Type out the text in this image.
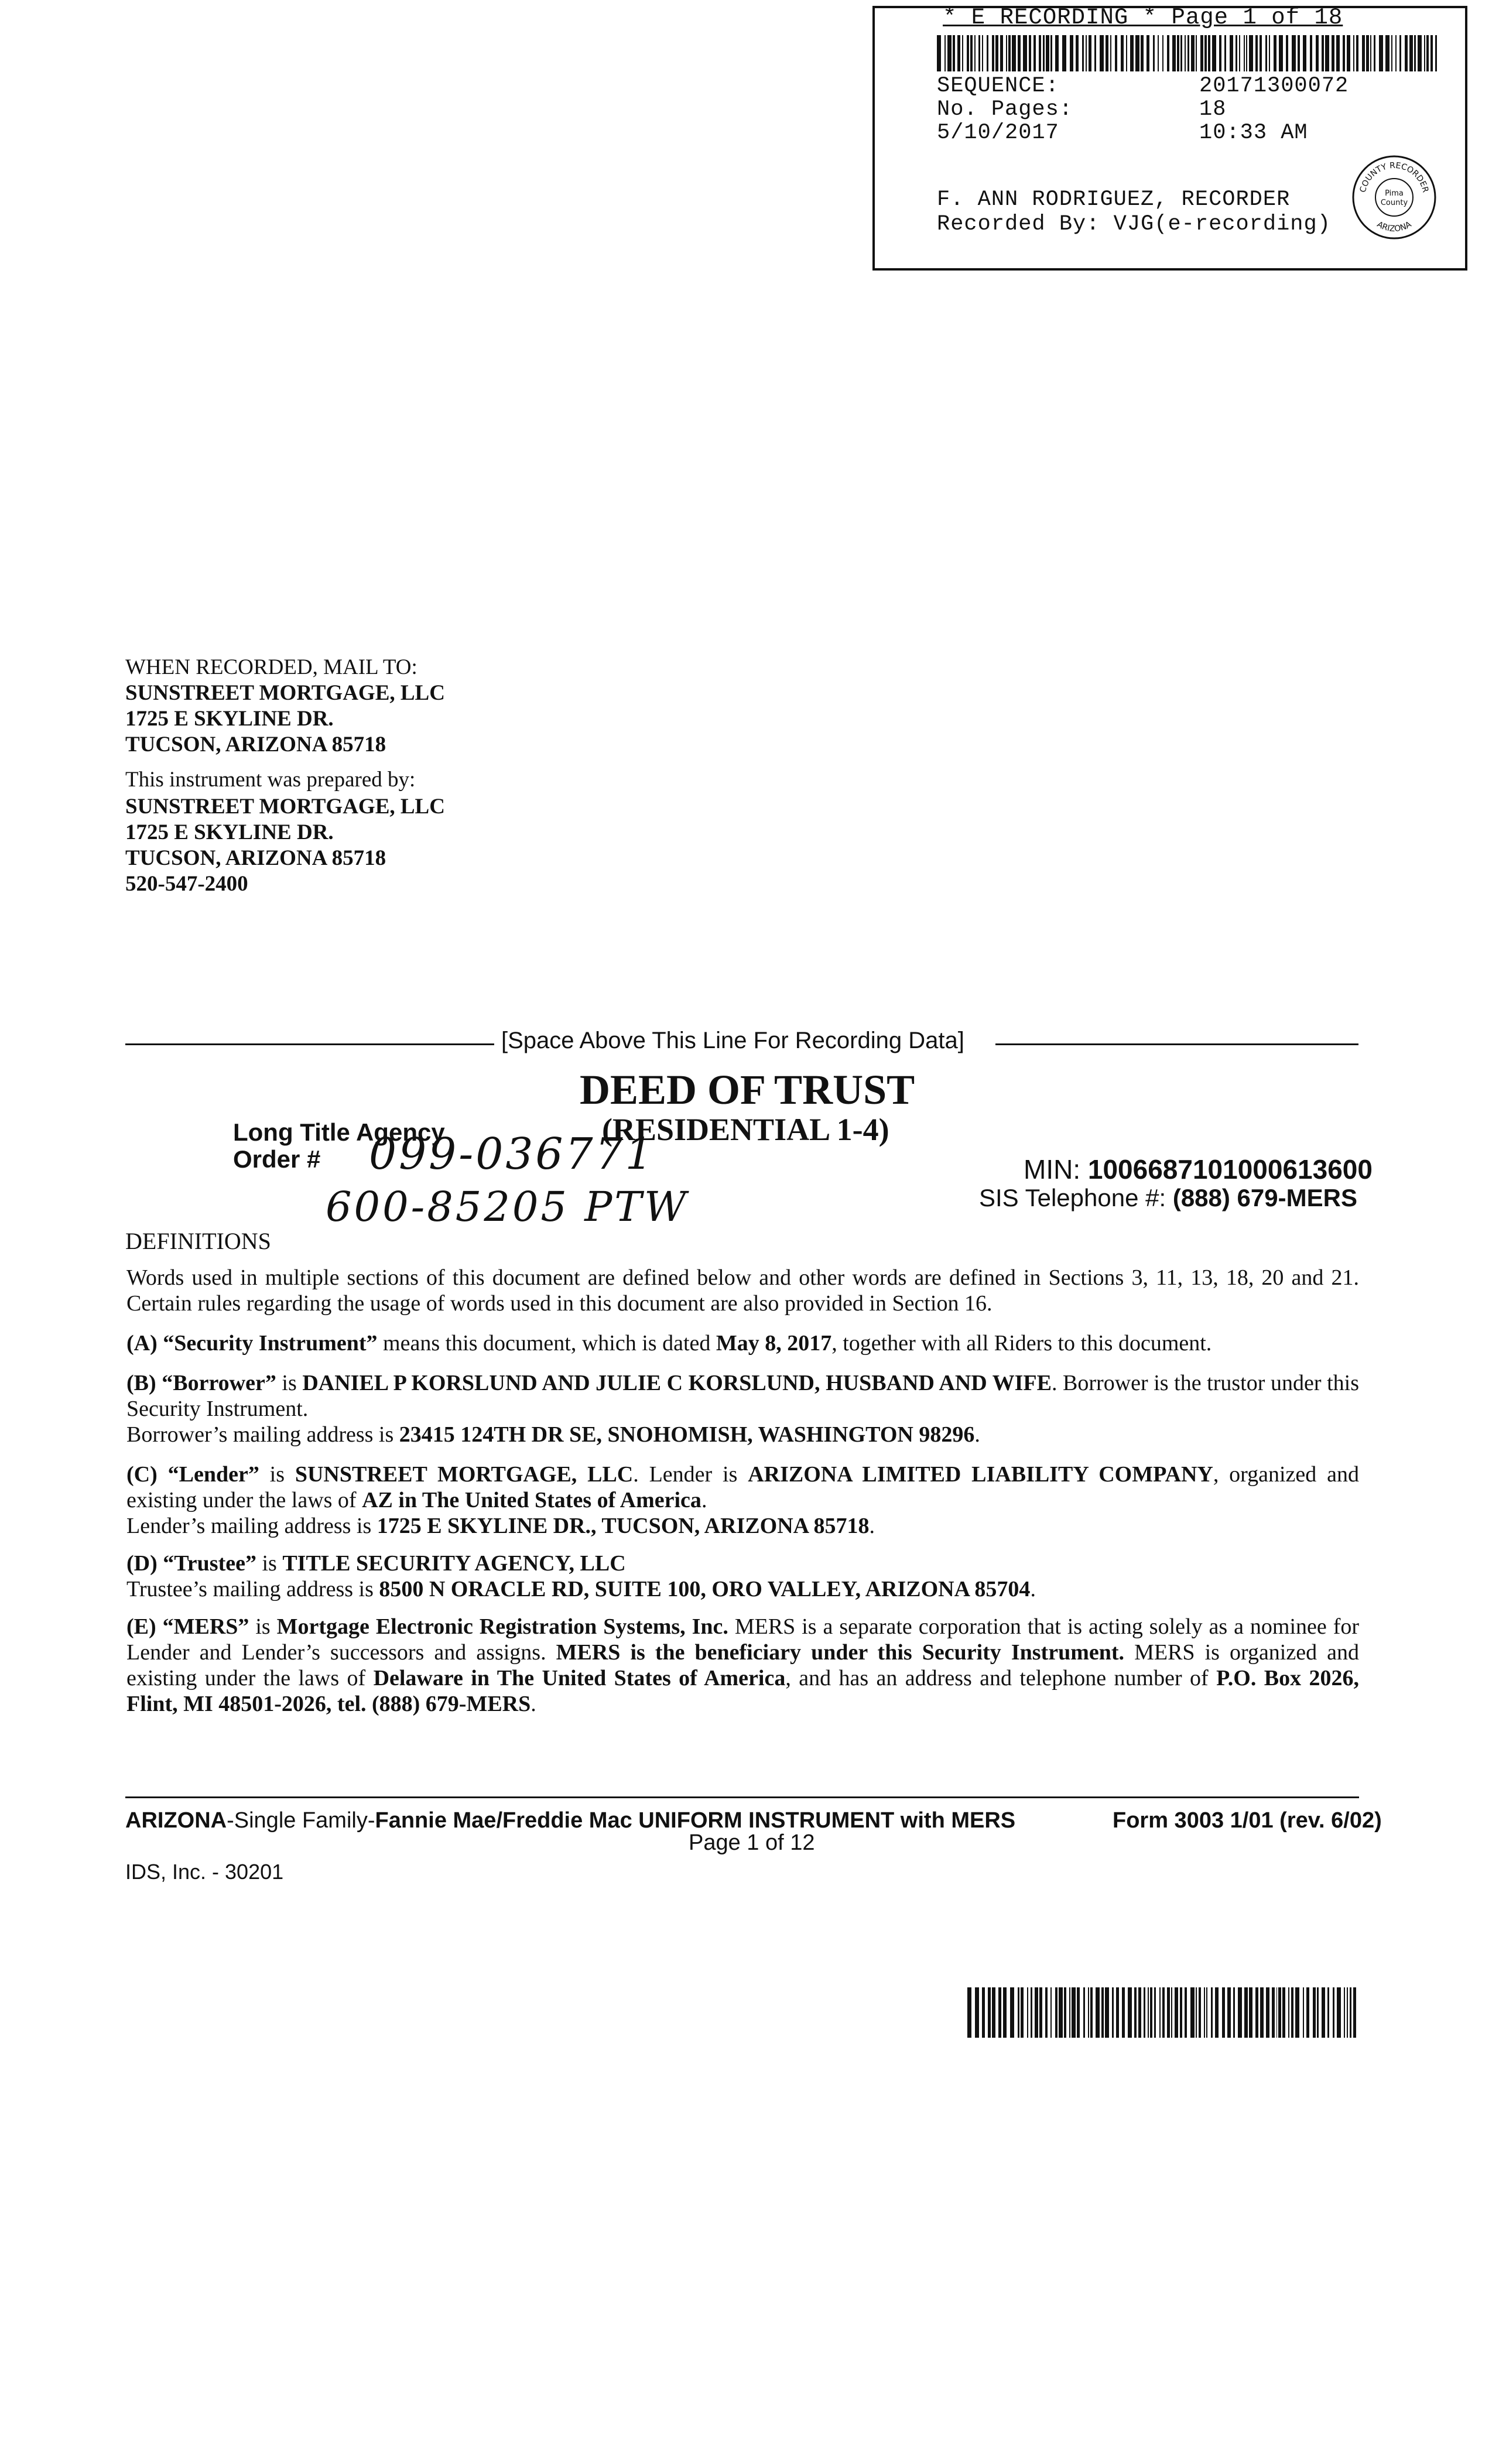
* E RECORDING * Page 1 of 18
SEQUENCE:	20171300072
No. Pages:	18
5/10/2017	10:33 AM
F. ANN RODRIGUEZ, RECORDER
Recorded By: VJG(e-recording)
COUNTY RECORDER
ARIZONA
Pima
County
WHEN RECORDED, MAIL TO:
SUNSTREET MORTGAGE, LLC
1725 E SKYLINE DR.
TUCSON, ARIZONA 85718
This instrument was prepared by:
SUNSTREET MORTGAGE, LLC
1725 E SKYLINE DR.
TUCSON, ARIZONA 85718
520-547-2400
[Space Above This Line For Recording Data]
DEED OF TRUST
(RESIDENTIAL 1-4)
Long Title Agency
Order # 099-036771
600-85205 PTW
MIN: 1006687101000613600
SIS Telephone #: (888) 679-MERS
DEFINITIONS
Words used in multiple sections of this document are defined below and other words are defined in Sections 3, 11, 13, 18, 20 and 21. Certain rules regarding the usage of words used in this document are also provided in Section 16.
(A) “Security Instrument” means this document, which is dated May 8, 2017, together with all Riders to this document.
(B) “Borrower” is DANIEL P KORSLUND AND JULIE C KORSLUND, HUSBAND AND WIFE. Borrower is the trustor under this Security Instrument.
Borrower’s mailing address is 23415 124TH DR SE, SNOHOMISH, WASHINGTON 98296.
(C) “Lender” is SUNSTREET MORTGAGE, LLC. Lender is ARIZONA LIMITED LIABILITY COMPANY, organized and existing under the laws of AZ in The United States of America.
Lender’s mailing address is 1725 E SKYLINE DR., TUCSON, ARIZONA 85718.
(D) “Trustee” is TITLE SECURITY AGENCY, LLC
Trustee’s mailing address is 8500 N ORACLE RD, SUITE 100, ORO VALLEY, ARIZONA 85704.
(E) “MERS” is Mortgage Electronic Registration Systems, Inc. MERS is a separate corporation that is acting solely as a nominee for Lender and Lender’s successors and assigns. MERS is the beneficiary under this Security Instrument. MERS is organized and existing under the laws of Delaware in The United States of America, and has an address and telephone number of P.O. Box 2026, Flint, MI 48501-2026, tel. (888) 679-MERS.
ARIZONA-Single Family-Fannie Mae/Freddie Mac UNIFORM INSTRUMENT with MERS	Form 3003 1/01 (rev. 6/02)
Page 1 of 12
IDS, Inc. - 30201
